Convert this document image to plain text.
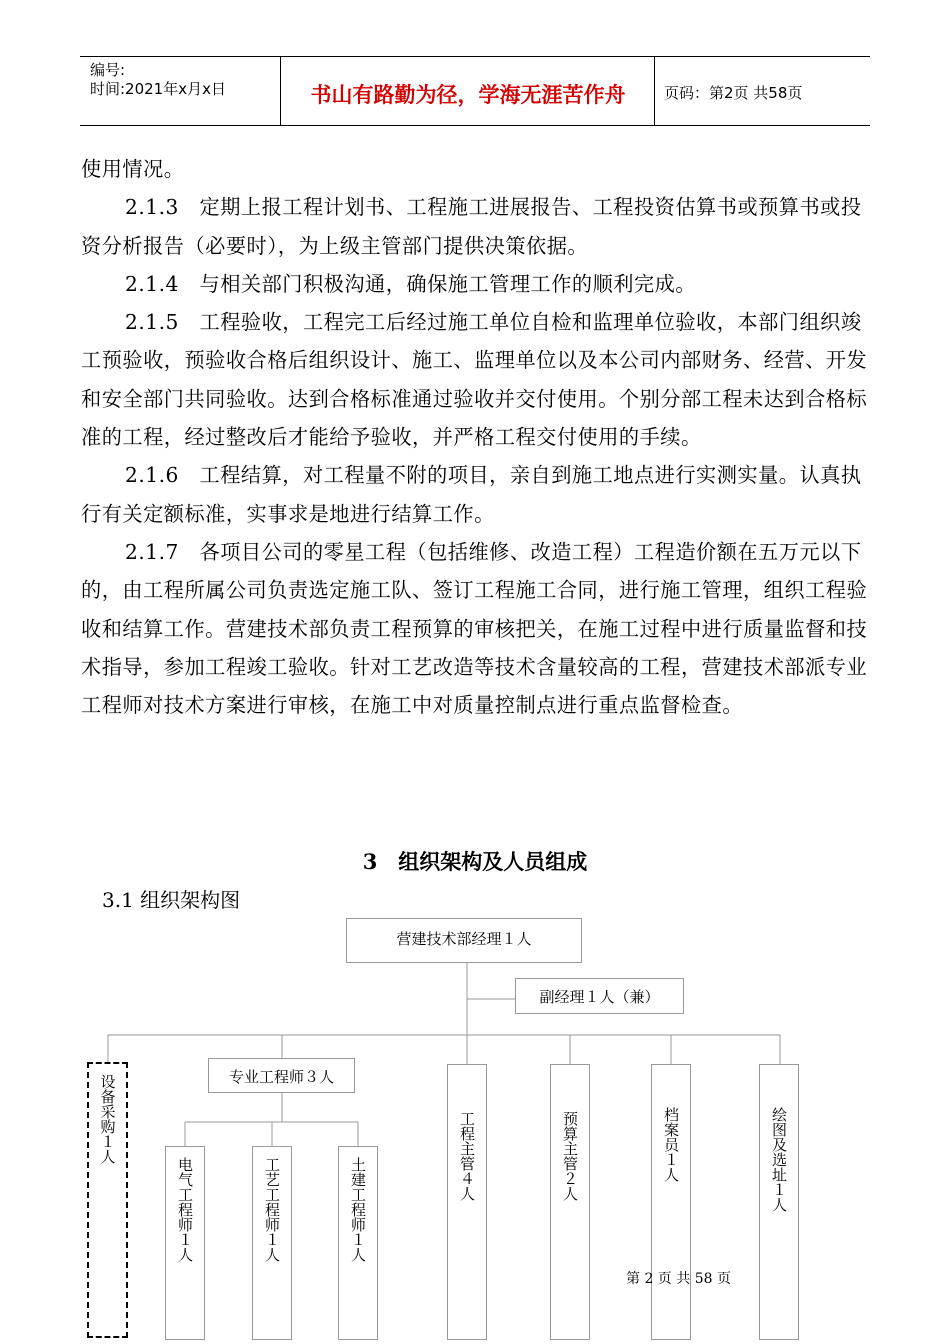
编号:
时间:2021年x月x日	书山有路勤为径，学海无涯苦作舟	页码：第2页 共58页

使用情况。

2.1.3　定期上报工程计划书、工程施工进展报告、工程投资估算书或预算书或投资分析报告（必要时），为上级主管部门提供决策依据。

2.1.4　与相关部门积极沟通，确保施工管理工作的顺利完成。

2.1.5　工程验收，工程完工后经过施工单位自检和监理单位验收，本部门组织竣工预验收，预验收合格后组织设计、施工、监理单位以及本公司内部财务、经营、开发和安全部门共同验收。达到合格标准通过验收并交付使用。个别分部工程未达到合格标准的工程，经过整改后才能给予验收，并严格工程交付使用的手续。

2.1.6　工程结算，对工程量不附的项目，亲自到施工地点进行实测实量。认真执行有关定额标准，实事求是地进行结算工作。

2.1.7　各项目公司的零星工程（包括维修、改造工程）工程造价额在五万元以下的，由工程所属公司负责选定施工队、签订工程施工合同，进行施工管理，组织工程验收和结算工作。营建技术部负责工程预算的审核把关，在施工过程中进行质量监督和技术指导，参加工程竣工验收。针对工艺改造等技术含量较高的工程，营建技术部派专业工程师对技术方案进行审核，在施工中对质量控制点进行重点监督检查。

3　组织架构及人员组成
3.1 组织架构图
营建技术部经理１人
副经理１人（兼）
专业工程师３人
设备采购１人
电气工程师１人	工艺工程师１人	土建工程师１人
工程主管４人	预算主管２人	档案员１人	绘图及选址１人
第 2 页 共 58 页
